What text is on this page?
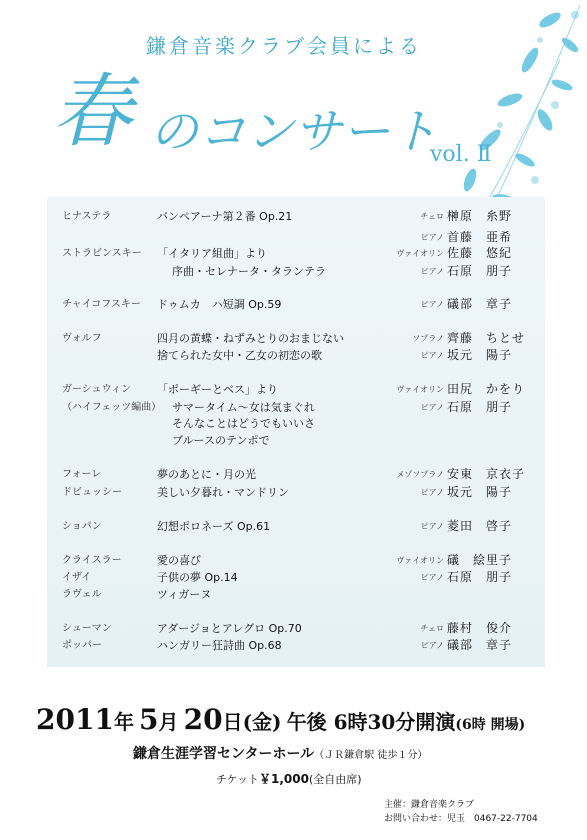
鎌倉音楽クラブ会員による
春 のコンサート
vol. Ⅱ
ヒナステラ	バンペアーナ第２番 Op.21	チェロ 榊原　糸野
ピアノ 首藤　亜希
ストラビンスキー 「イタリア組曲」より	ヴァイオリン 佐藤　悠紀
序曲・セレナータ・タランテラ	ピアノ 石原　朋子
チャイコフスキー ドゥムカ　ハ短調 Op.59	ピアノ 礒部　章子
ヴォルフ	四月の黄蝶・ねずみとりのおまじない	ソプラノ 齊藤　ちとせ
捨てられた女中・乙女の初恋の歌	ピアノ 坂元　陽子
ガーシュウィン 「ポーギーとベス」より	ヴァイオリン 田尻　かをり
（ハイフェッツ編曲） サマータイム～女は気まぐれ	ピアノ 石原　朋子
そんなことはどうでもいいさ
ブルースのテンポで
フォーレ	夢のあとに・月の光	メゾソプラノ 安東　京衣子
ドビュッシー	美しい夕暮れ・マンドリン	ピアノ 坂元　陽子
ショパン	幻想ポロネーズ Op.61	ピアノ 菱田　啓子
クライスラー	愛の喜び	ヴァイオリン 礒　絵里子
イザイ	子供の夢 Op.14	ピアノ 石原　朋子
ラヴェル	ツィガーヌ
シューマン	アダージョとアレグロ Op.70	チェロ 藤村　俊介
ポッパー	ハンガリー狂詩曲 Op.68	ピアノ 礒部　章子
2011年 5月 20日(金) 午後 6時30分開演(6時 開場)
鎌倉生涯学習センターホール（ＪＲ鎌倉駅 徒歩１分）
チケット￥1,000(全自由席)
主催：鎌倉音楽クラブ
お問い合わせ：児玉　0467-22-7704
